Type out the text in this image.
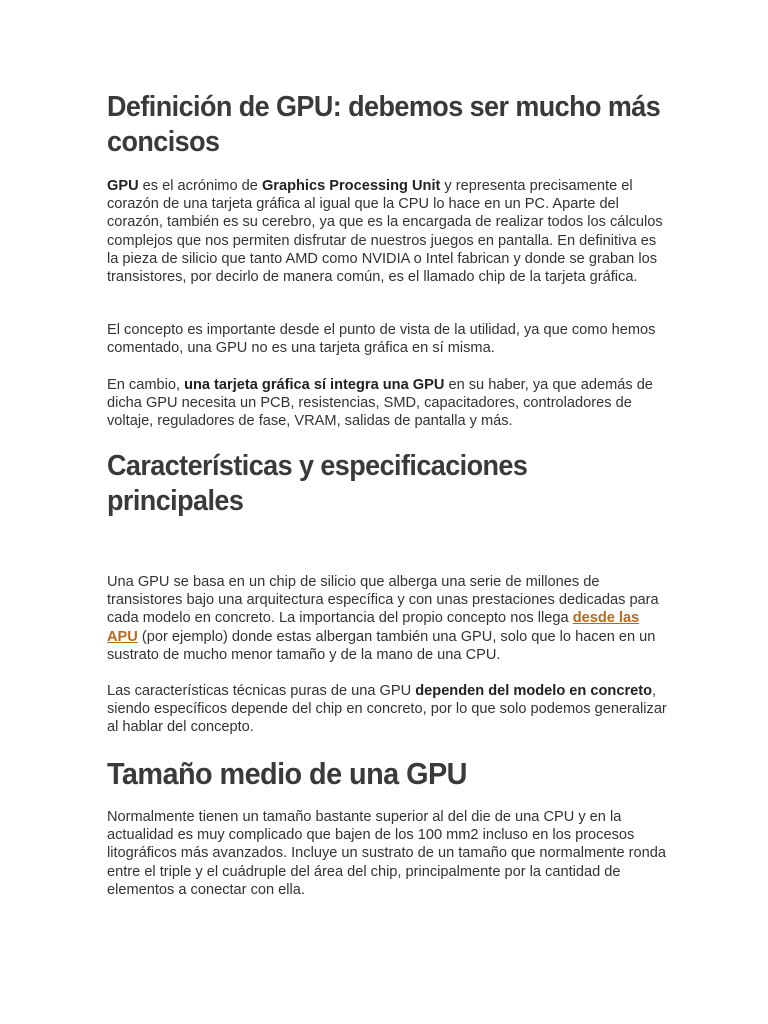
Definición de GPU: debemos ser mucho más concisos

GPU es el acrónimo de Graphics Processing Unit y representa precisamente el corazón de una tarjeta gráfica al igual que la CPU lo hace en un PC. Aparte del corazón, también es su cerebro, ya que es la encargada de realizar todos los cálculos complejos que nos permiten disfrutar de nuestros juegos en pantalla. En definitiva es la pieza de silicio que tanto AMD como NVIDIA o Intel fabrican y donde se graban los transistores, por decirlo de manera común, es el llamado chip de la tarjeta gráfica.

El concepto es importante desde el punto de vista de la utilidad, ya que como hemos comentado, una GPU no es una tarjeta gráfica en sí misma.

En cambio, una tarjeta gráfica sí integra una GPU en su haber, ya que además de dicha GPU necesita un PCB, resistencias, SMD, capacitadores, controladores de voltaje, reguladores de fase, VRAM, salidas de pantalla y más.

Características y especificaciones principales

Una GPU se basa en un chip de silicio que alberga una serie de millones de transistores bajo una arquitectura específica y con unas prestaciones dedicadas para cada modelo en concreto. La importancia del propio concepto nos llega desde las APU (por ejemplo) donde estas albergan también una GPU, solo que lo hacen en un sustrato de mucho menor tamaño y de la mano de una CPU.

Las características técnicas puras de una GPU dependen del modelo en concreto, siendo específicos depende del chip en concreto, por lo que solo podemos generalizar al hablar del concepto.

Tamaño medio de una GPU

Normalmente tienen un tamaño bastante superior al del die de una CPU y en la actualidad es muy complicado que bajen de los 100 mm2 incluso en los procesos litográficos más avanzados. Incluye un sustrato de un tamaño que normalmente ronda entre el triple y el cuádruple del área del chip, principalmente por la cantidad de elementos a conectar con ella.
